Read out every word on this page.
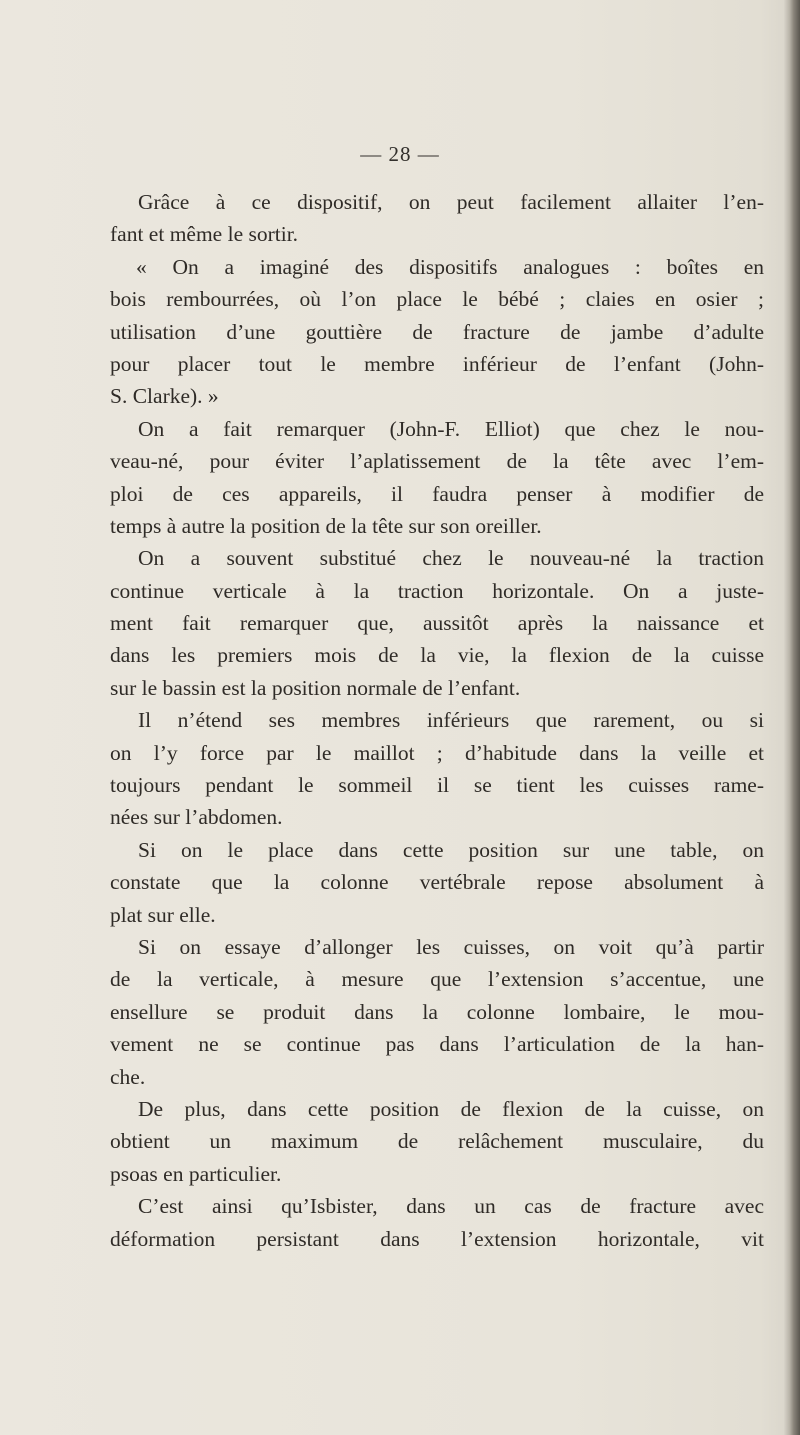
— 28 —
Grâce à ce dispositif, on peut facilement allaiter l’en-
fant et même le sortir.
« On a imaginé des dispositifs analogues : boîtes en
bois rembourrées, où l’on place le bébé ; claies en osier ;
utilisation d’une gouttière de fracture de jambe d’adulte
pour placer tout le membre inférieur de l’enfant (John-
S. Clarke). »
On a fait remarquer (John-F. Elliot) que chez le nou-
veau-né, pour éviter l’aplatissement de la tête avec l’em-
ploi de ces appareils, il faudra penser à modifier de
temps à autre la position de la tête sur son oreiller.
On a souvent substitué chez le nouveau-né la traction
continue verticale à la traction horizontale. On a juste-
ment fait remarquer que, aussitôt après la naissance et
dans les premiers mois de la vie, la flexion de la cuisse
sur le bassin est la position normale de l’enfant.
Il n’étend ses membres inférieurs que rarement, ou si
on l’y force par le maillot ; d’habitude dans la veille et
toujours pendant le sommeil il se tient les cuisses rame-
nées sur l’abdomen.
Si on le place dans cette position sur une table, on
constate que la colonne vertébrale repose absolument à
plat sur elle.
Si on essaye d’allonger les cuisses, on voit qu’à partir
de la verticale, à mesure que l’extension s’accentue, une
ensellure se produit dans la colonne lombaire, le mou-
vement ne se continue pas dans l’articulation de la han-
che.
De plus, dans cette position de flexion de la cuisse, on
obtient un maximum de relâchement musculaire, du
psoas en particulier.
C’est ainsi qu’Isbister, dans un cas de fracture avec
déformation persistant dans l’extension horizontale, vit
